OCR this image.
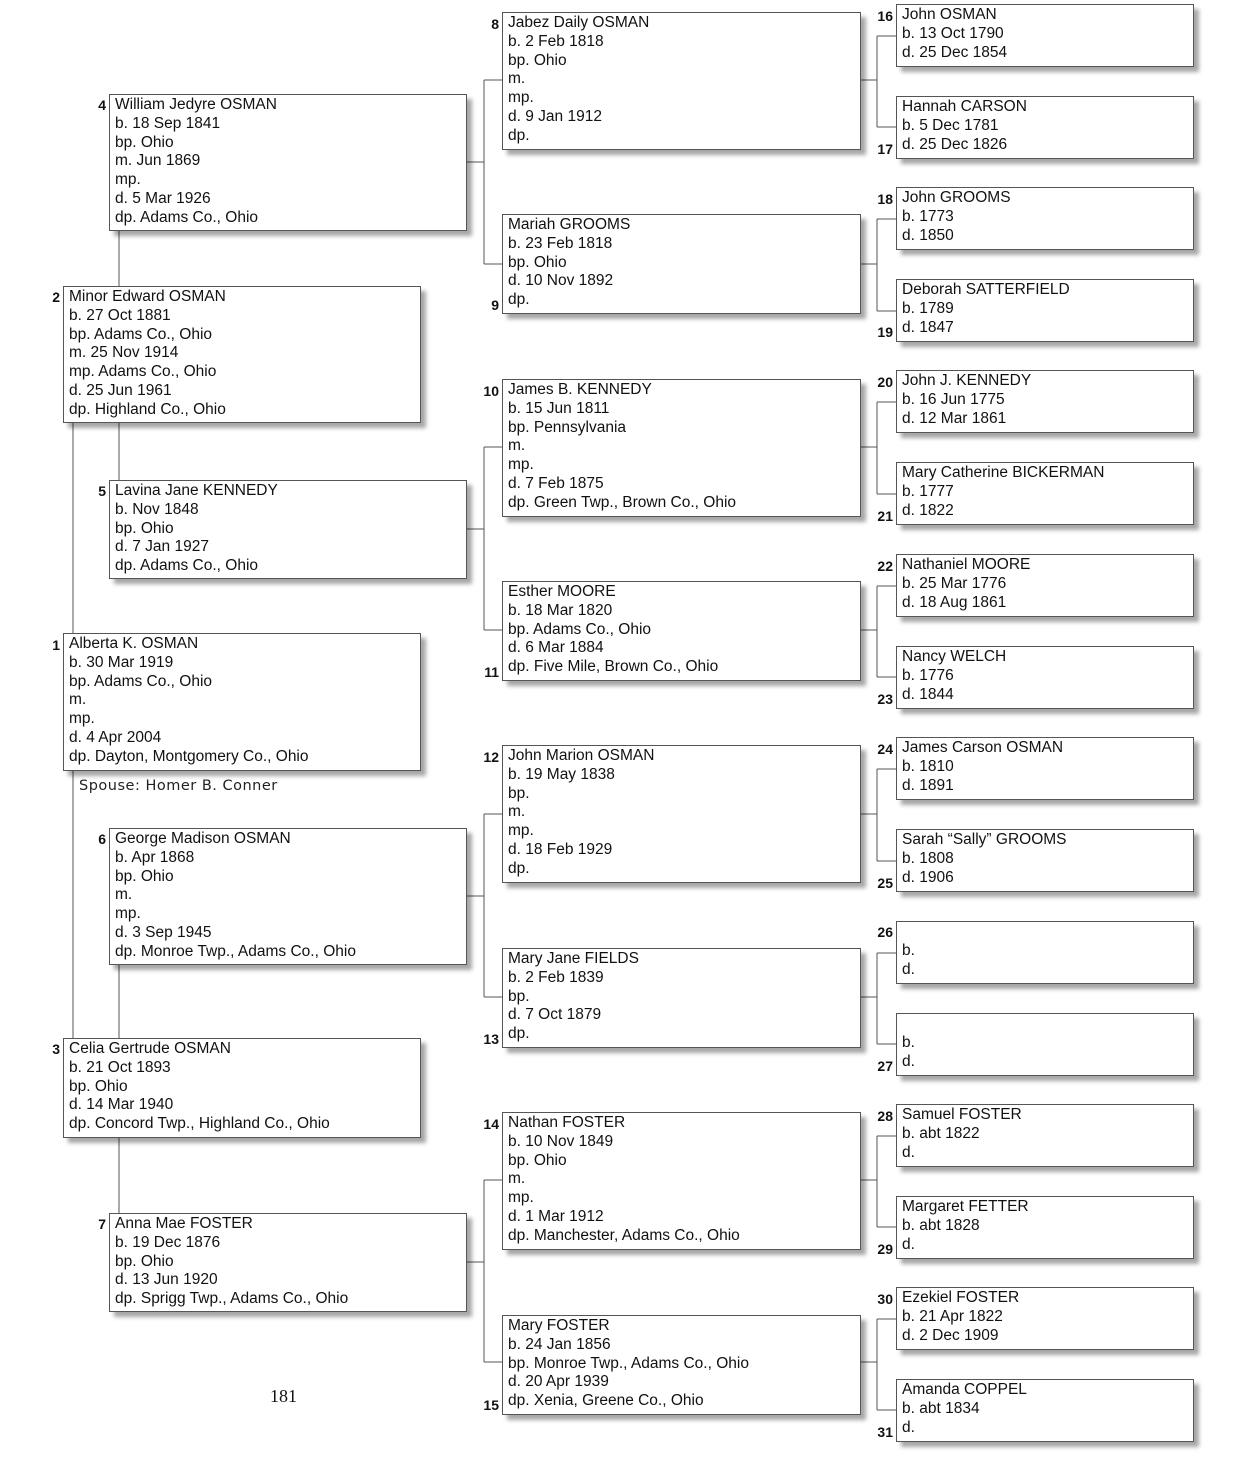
1 Alberta K. OSMAN
b. 30 Mar 1919
bp. Adams Co., Ohio
m.
mp.
d. 4 Apr 2004
dp. Dayton, Montgomery Co., Ohio
Spouse: Homer B. Conner
2 Minor Edward OSMAN
b. 27 Oct 1881
bp. Adams Co., Ohio
m. 25 Nov 1914
mp. Adams Co., Ohio
d. 25 Jun 1961
dp. Highland Co., Ohio
3 Celia Gertrude OSMAN
b. 21 Oct 1893
bp. Ohio
d. 14 Mar 1940
dp. Concord Twp., Highland Co., Ohio
4 William Jedyre OSMAN
b. 18 Sep 1841
bp. Ohio
m. Jun 1869
mp.
d. 5 Mar 1926
dp. Adams Co., Ohio
5 Lavina Jane KENNEDY
b. Nov 1848
bp. Ohio
d. 7 Jan 1927
dp. Adams Co., Ohio
6 George Madison OSMAN
b. Apr 1868
bp. Ohio
m.
mp.
d. 3 Sep 1945
dp. Monroe Twp., Adams Co., Ohio
7 Anna Mae FOSTER
b. 19 Dec 1876
bp. Ohio
d. 13 Jun 1920
dp. Sprigg Twp., Adams Co., Ohio
8 Jabez Daily OSMAN
b. 2 Feb 1818
bp. Ohio
m.
mp.
d. 9 Jan 1912
dp.
9
Mariah GROOMS
b. 23 Feb 1818
bp. Ohio
d. 10 Nov 1892
dp.
10 James B. KENNEDY
b. 15 Jun 1811
bp. Pennsylvania
m.
mp.
d. 7 Feb 1875
dp. Green Twp., Brown Co., Ohio
11
Esther MOORE
b. 18 Mar 1820
bp. Adams Co., Ohio
d. 6 Mar 1884
dp. Five Mile, Brown Co., Ohio
12 John Marion OSMAN
b. 19 May 1838
bp.
m.
mp.
d. 18 Feb 1929
dp.
13
Mary Jane FIELDS
b. 2 Feb 1839
bp.
d. 7 Oct 1879
dp.
14 Nathan FOSTER
b. 10 Nov 1849
bp. Ohio
m.
mp.
d. 1 Mar 1912
dp. Manchester, Adams Co., Ohio
15
Mary FOSTER
b. 24 Jan 1856
bp. Monroe Twp., Adams Co., Ohio
d. 20 Apr 1939
dp. Xenia, Greene Co., Ohio
16 John OSMAN
b. 13 Oct 1790
d. 25 Dec 1854
17
Hannah CARSON
b. 5 Dec 1781
d. 25 Dec 1826
18 John GROOMS
b. 1773
d. 1850
19
Deborah SATTERFIELD
b. 1789
d. 1847
20 John J. KENNEDY
b. 16 Jun 1775
d. 12 Mar 1861
21
Mary Catherine BICKERMAN
b. 1777
d. 1822
22 Nathaniel MOORE
b. 25 Mar 1776
d. 18 Aug 1861
23
Nancy WELCH
b. 1776
d. 1844
24 James Carson OSMAN
b. 1810
d. 1891
25
Sarah “Sally” GROOMS
b. 1808
d. 1906
26

b.
d.
27

b.
d.
28 Samuel FOSTER
b. abt 1822
d.
29
Margaret FETTER
b. abt 1828
d.
30 Ezekiel FOSTER
b. 21 Apr 1822
d. 2 Dec 1909
31
Amanda COPPEL
b. abt 1834
d.
181
